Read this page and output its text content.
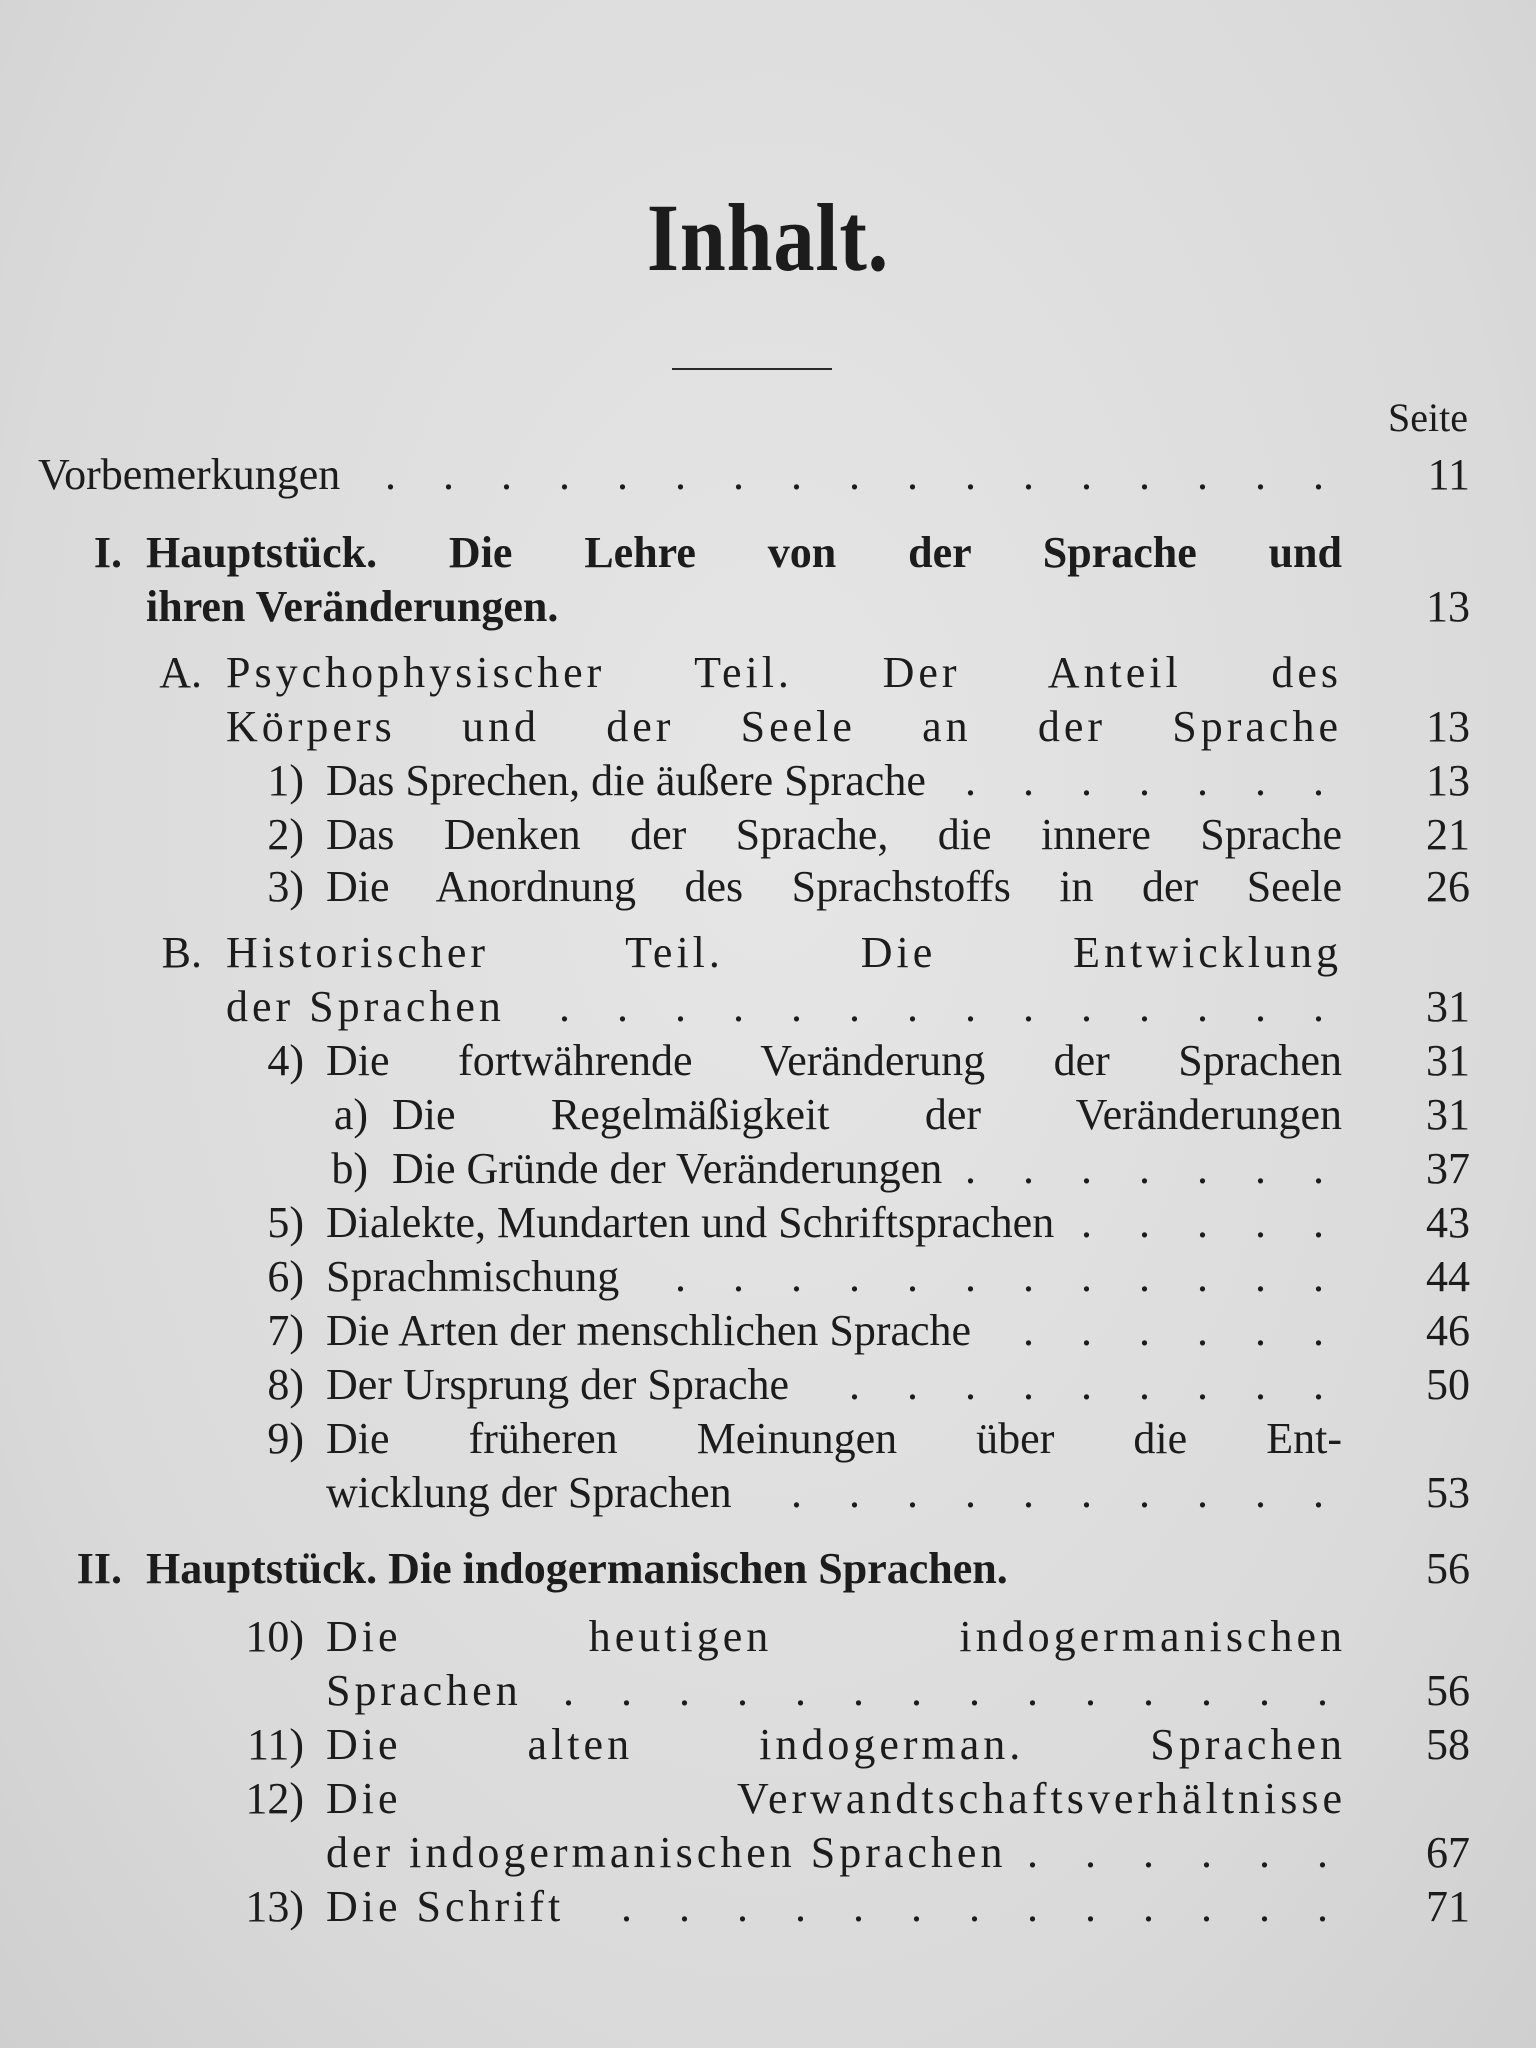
Inhalt.
Seite
Vorbemerkungen . . .	11
I. Hauptstück. Die Lehre von der Sprache und
ihren Veränderungen.	13
A. Psychophysischer Teil. Der Anteil des
Körpers und der Seele an der Sprache	13
1) Das Sprechen, die äußere Sprache . . .	13
2) Das Denken der Sprache, die innere Sprache	21
3) Die Anordnung des Sprachstoffs in der Seele	26
B. Historischer Teil. Die Entwicklung
der Sprachen . . .	31
4) Die fortwährende Veränderung der Sprachen	31
a) Die Regelmäßigkeit der Veränderungen	31
b) Die Gründe der Veränderungen . . .	37
5) Dialekte, Mundarten und Schriftsprachen . . .	43
6) Sprachmischung . . .	44
7) Die Arten der menschlichen Sprache . . .	46
8) Der Ursprung der Sprache . . .	50
9) Die früheren Meinungen über die Ent-
wicklung der Sprachen . . .	53
II. Hauptstück. Die indogermanischen Sprachen.	56
10) Die heutigen indogermanischen
Sprachen . . .	56
11) Die alten indogerman. Sprachen	58
12) Die Verwandtschaftsverhältnisse
der indogermanischen Sprachen . . .	67
13) Die Schrift . . .	71
